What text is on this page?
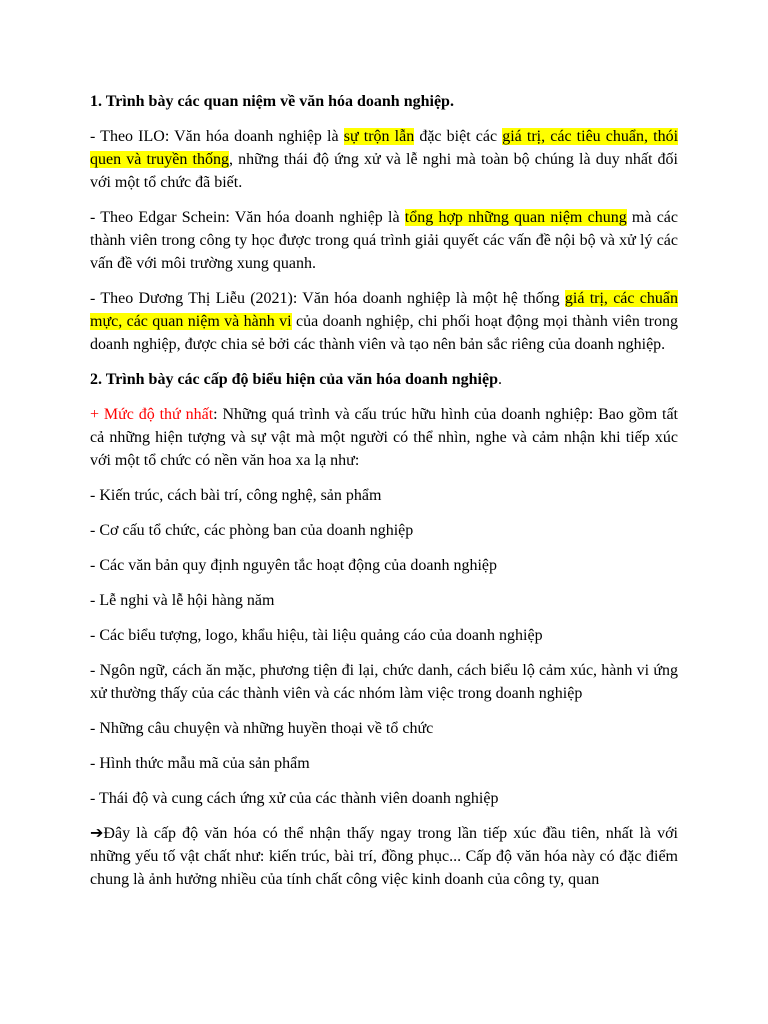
1. Trình bày các quan niệm về văn hóa doanh nghiệp.

- Theo ILO: Văn hóa doanh nghiệp là sự trộn lẫn đặc biệt các giá trị, các tiêu chuẩn, thói quen và truyền thống, những thái độ ứng xử và lễ nghi mà toàn bộ chúng là duy nhất đối với một tổ chức đã biết.

- Theo Edgar Schein: Văn hóa doanh nghiệp là tổng hợp những quan niệm chung mà các thành viên trong công ty học được trong quá trình giải quyết các vấn đề nội bộ và xử lý các vấn đề với môi trường xung quanh.

- Theo Dương Thị Liễu (2021): Văn hóa doanh nghiệp là một hệ thống giá trị, các chuẩn mực, các quan niệm và hành vi của doanh nghiệp, chi phối hoạt động mọi thành viên trong doanh nghiệp, được chia sẻ bởi các thành viên và tạo nên bản sắc riêng của doanh nghiệp.

2. Trình bày các cấp độ biểu hiện của văn hóa doanh nghiệp.

+ Mức độ thứ nhất: Những quá trình và cấu trúc hữu hình của doanh nghiệp: Bao gồm tất cả những hiện tượng và sự vật mà một người có thể nhìn, nghe và cảm nhận khi tiếp xúc với một tổ chức có nền văn hoa xa lạ như:

- Kiến trúc, cách bài trí, công nghệ, sản phẩm

- Cơ cấu tổ chức, các phòng ban của doanh nghiệp

- Các văn bản quy định nguyên tắc hoạt động của doanh nghiệp

- Lễ nghi và lễ hội hàng năm

- Các biểu tượng, logo, khẩu hiệu, tài liệu quảng cáo của doanh nghiệp

- Ngôn ngữ, cách ăn mặc, phương tiện đi lại, chức danh, cách biểu lộ cảm xúc, hành vi ứng xử thường thấy của các thành viên và các nhóm làm việc trong doanh nghiệp

- Những câu chuyện và những huyền thoại về tổ chức

- Hình thức mẫu mã của sản phẩm

- Thái độ và cung cách ứng xử của các thành viên doanh nghiệp

➔Đây là cấp độ văn hóa có thể nhận thấy ngay trong lần tiếp xúc đầu tiên, nhất là với những yếu tố vật chất như: kiến trúc, bài trí, đồng phục... Cấp độ văn hóa này có đặc điểm chung là ảnh hưởng nhiều của tính chất công việc kinh doanh của công ty, quan
